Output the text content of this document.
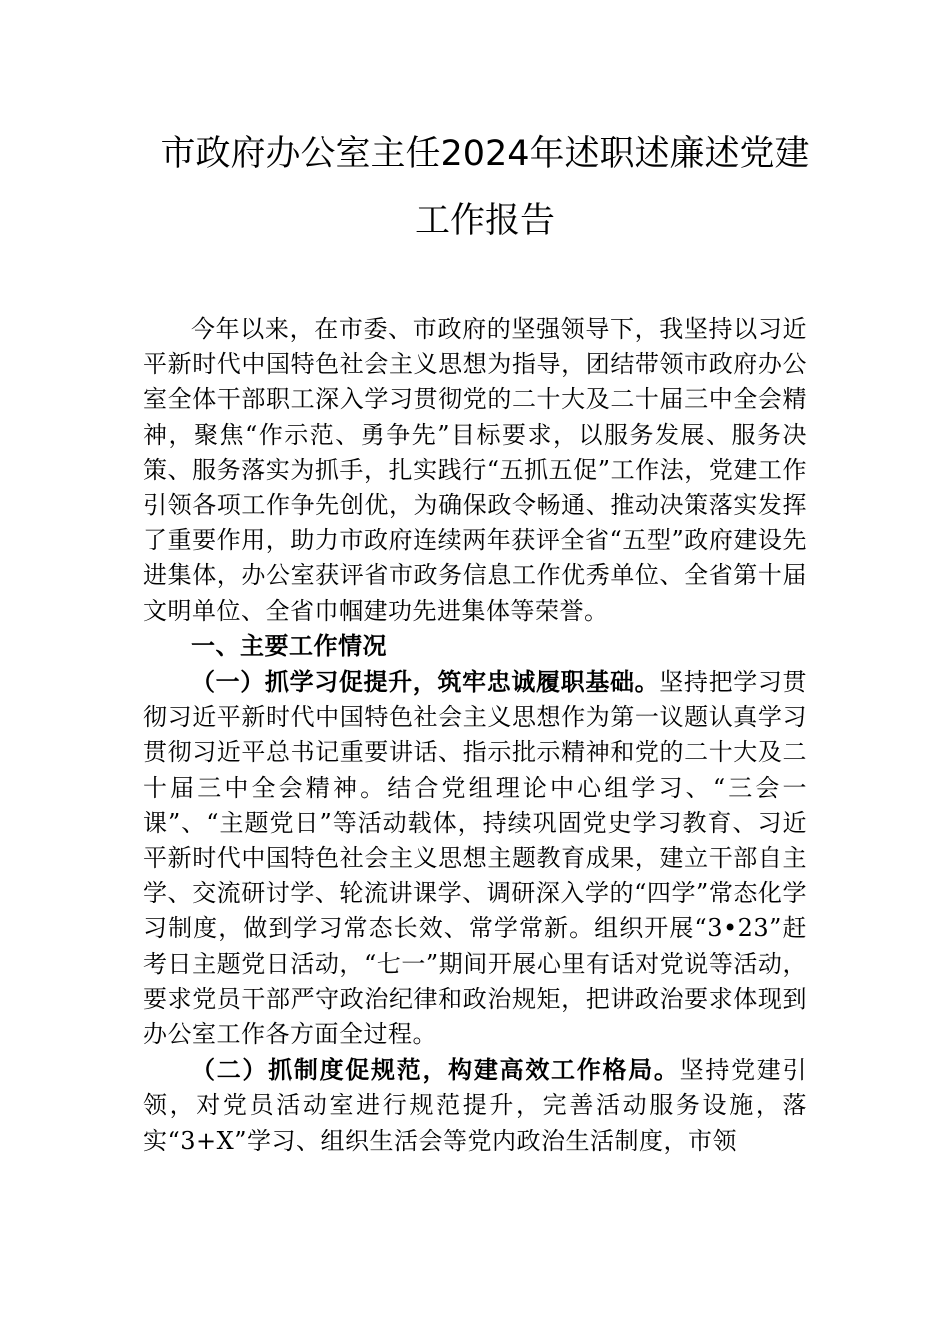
市政府办公室主任2024年述职述廉述党建
工作报告

今年以来，在市委、市政府的坚强领导下，我坚持以习近平新时代中国特色社会主义思想为指导，团结带领市政府办公室全体干部职工深入学习贯彻党的二十大及二十届三中全会精神，聚焦“作示范、勇争先”目标要求，以服务发展、服务决策、服务落实为抓手，扎实践行“五抓五促”工作法，党建工作引领各项工作争先创优，为确保政令畅通、推动决策落实发挥了重要作用，助力市政府连续两年获评全省“五型”政府建设先进集体，办公室获评省市政务信息工作优秀单位、全省第十届文明单位、全省巾帼建功先进集体等荣誉。

一、主要工作情况

（一）抓学习促提升，筑牢忠诚履职基础。坚持把学习贯彻习近平新时代中国特色社会主义思想作为第一议题认真学习贯彻习近平总书记重要讲话、指示批示精神和党的二十大及二十届三中全会精神。结合党组理论中心组学习、“三会一课”、“主题党日”等活动载体，持续巩固党史学习教育、习近平新时代中国特色社会主义思想主题教育成果，建立干部自主学、交流研讨学、轮流讲课学、调研深入学的“四学”常态化学习制度，做到学习常态长效、常学常新。组织开展“3•23”赶考日主题党日活动，“七一”期间开展心里有话对党说等活动，要求党员干部严守政治纪律和政治规矩，把讲政治要求体现到办公室工作各方面全过程。

（二）抓制度促规范，构建高效工作格局。坚持党建引领，对党员活动室进行规范提升，完善活动服务设施，落实“3+X”学习、组织生活会等党内政治生活制度，市领
